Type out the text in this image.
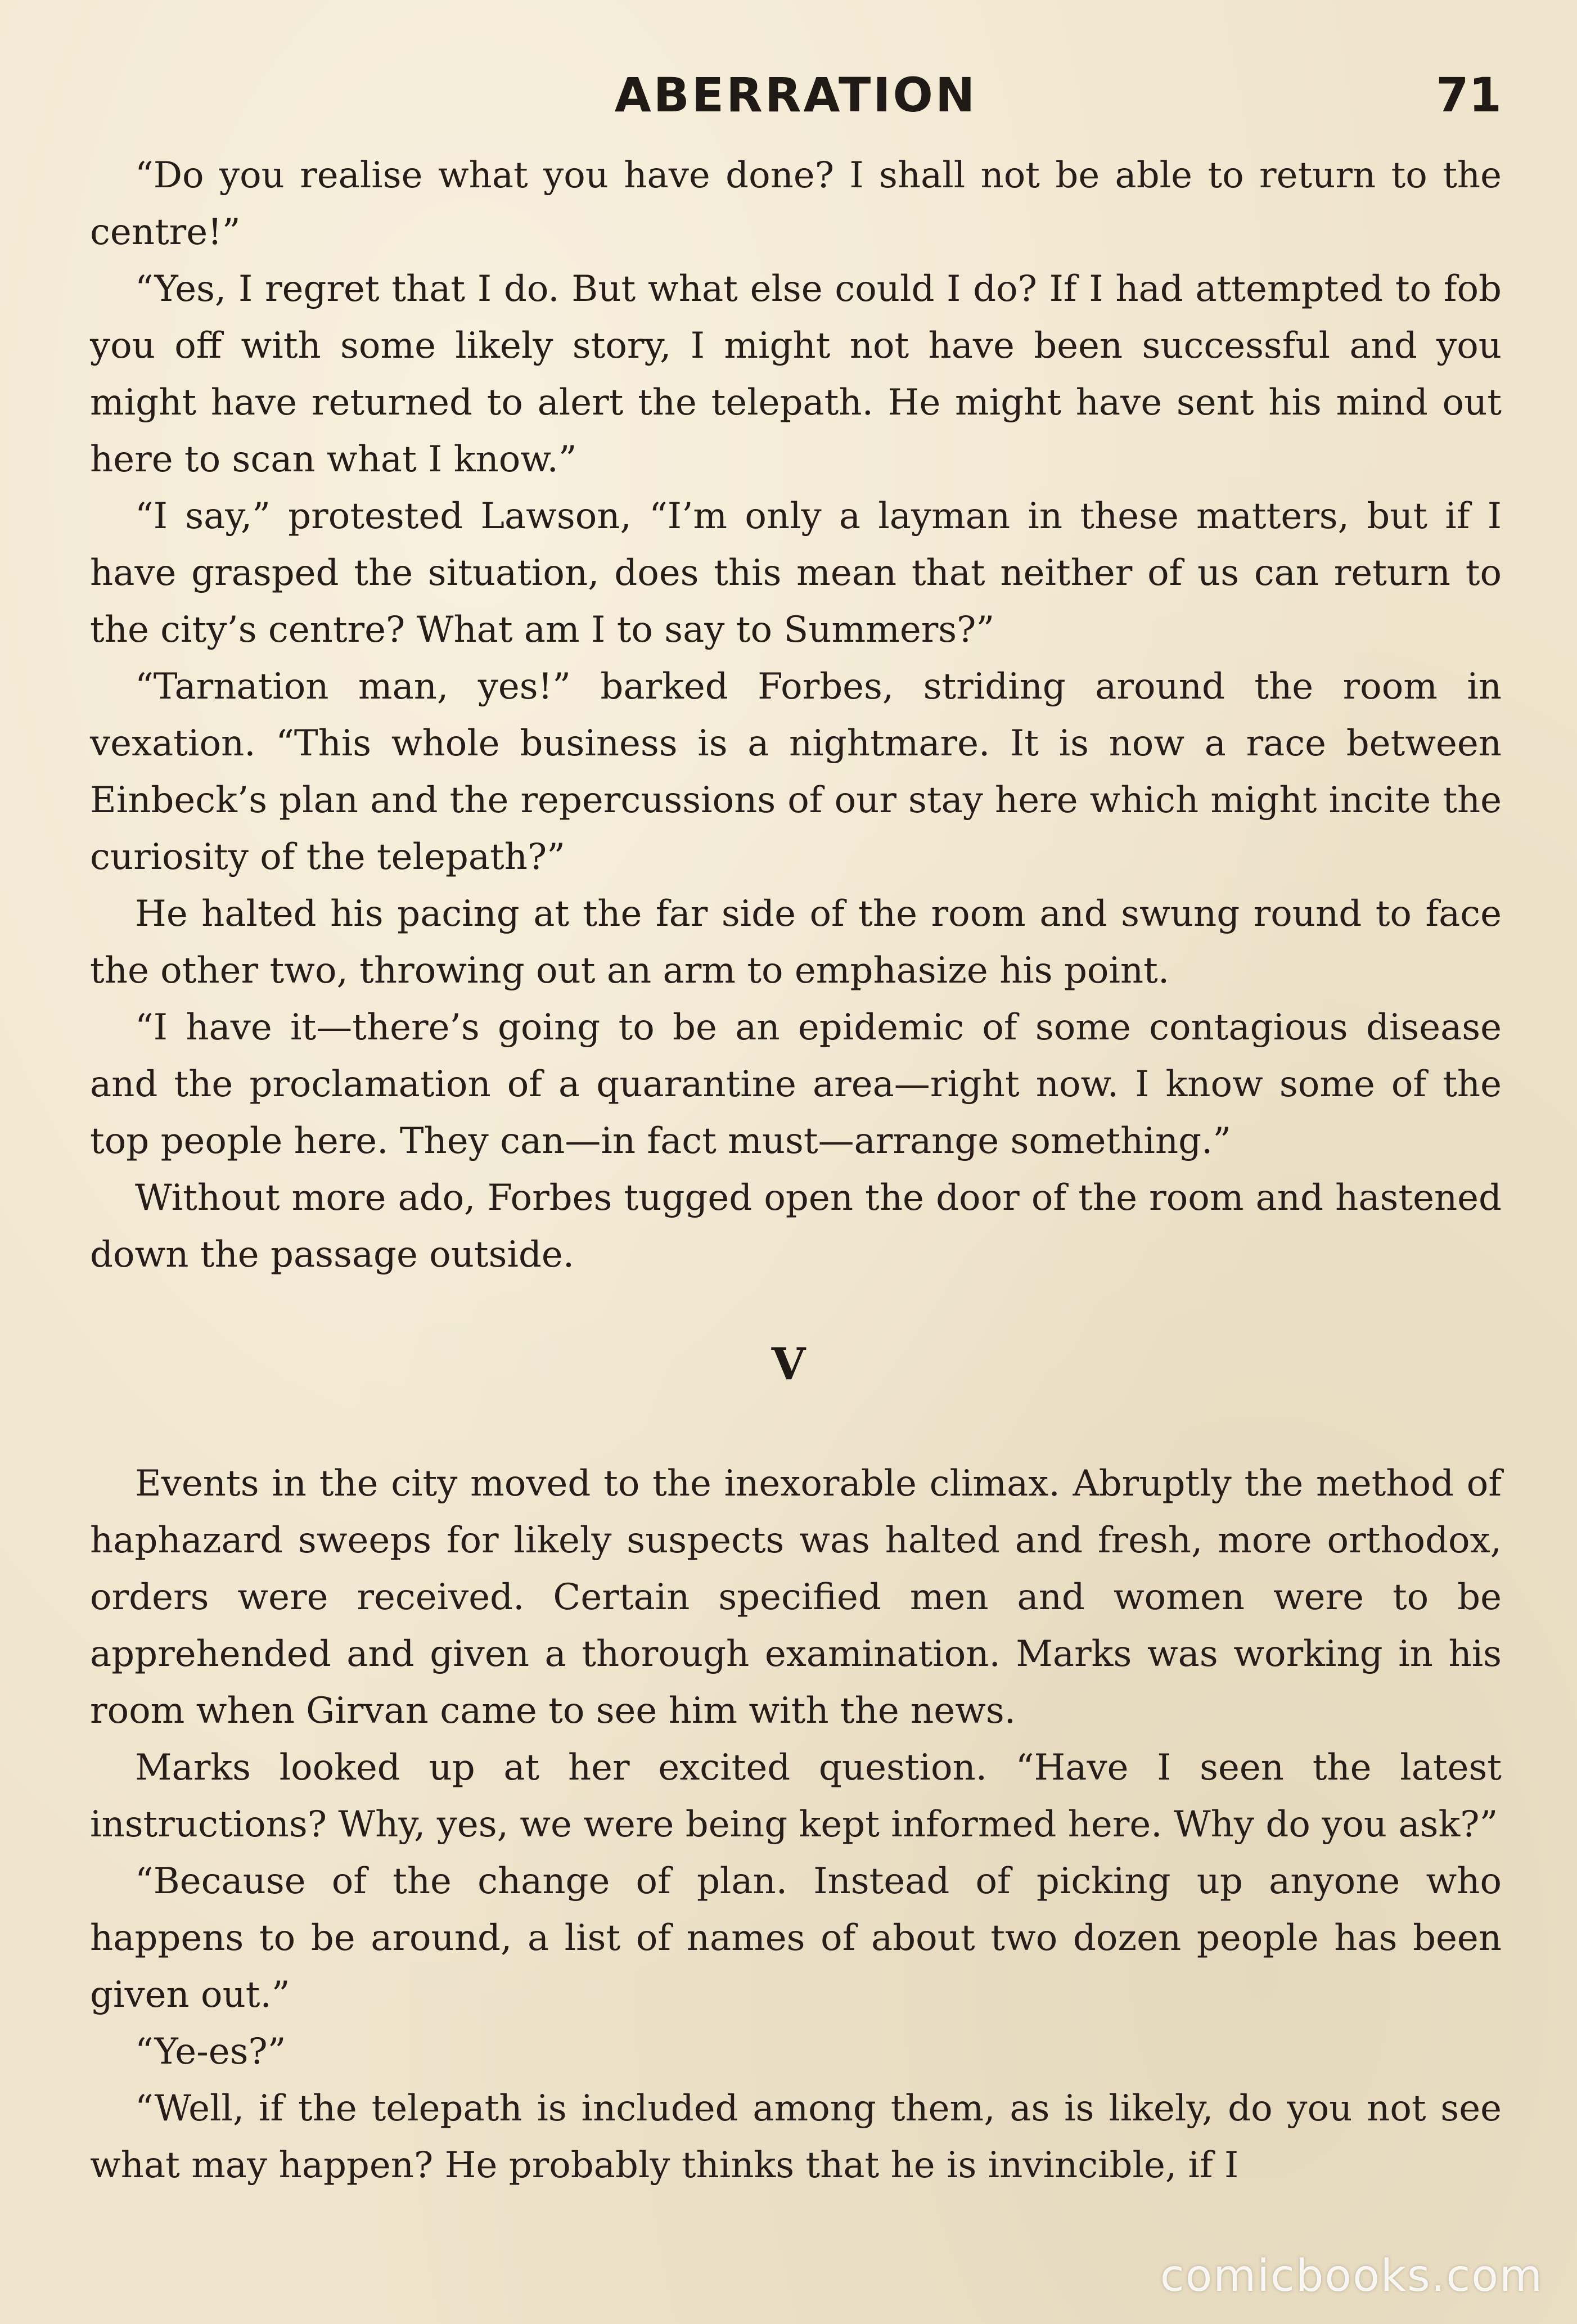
ABERRATION	71

“Do you realise what you have done? I shall not be able to return to the centre!”

“Yes, I regret that I do. But what else could I do? If I had attempted to fob you off with some likely story, I might not have been successful and you might have returned to alert the telepath. He might have sent his mind out here to scan what I know.”

“I say,” protested Lawson, “I’m only a layman in these matters, but if I have grasped the situation, does this mean that neither of us can return to the city’s centre? What am I to say to Summers?”

“Tarnation man, yes!” barked Forbes, striding around the room in vexation. “This whole business is a nightmare. It is now a race between Einbeck’s plan and the repercussions of our stay here which might incite the curiosity of the telepath?”

He halted his pacing at the far side of the room and swung round to face the other two, throwing out an arm to emphasize his point.

“I have it—there’s going to be an epidemic of some contagious disease and the proclamation of a quarantine area—right now. I know some of the top people here. They can—in fact must—arrange something.”

Without more ado, Forbes tugged open the door of the room and hastened down the passage outside.

V

Events in the city moved to the inexorable climax. Abruptly the method of haphazard sweeps for likely suspects was halted and fresh, more orthodox, orders were received. Certain specified men and women were to be apprehended and given a thorough examination. Marks was working in his room when Girvan came to see him with the news.

Marks looked up at her excited question. “Have I seen the latest instructions? Why, yes, we were being kept informed here. Why do you ask?”

“Because of the change of plan. Instead of picking up anyone who happens to be around, a list of names of about two dozen people has been given out.”

“Ye-es?”

“Well, if the telepath is included among them, as is likely, do you not see what may happen? He probably thinks that he is invincible, if I

comicbooks.com
